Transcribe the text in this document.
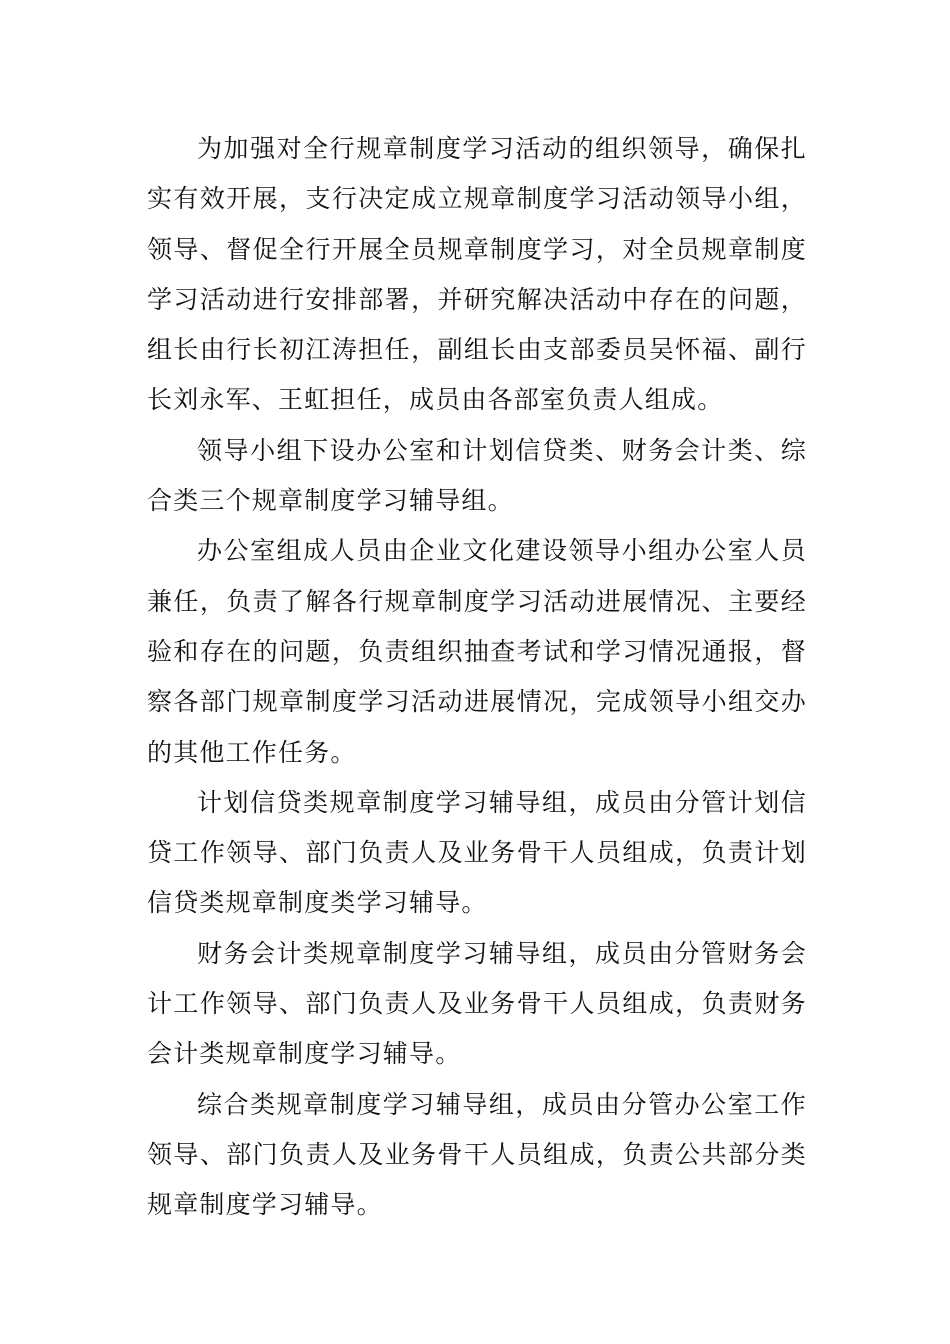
为加强对全行规章制度学习活动的组织领导，确保扎实有效开展，支行决定成立规章制度学习活动领导小组，领导、督促全行开展全员规章制度学习，对全员规章制度学习活动进行安排部署，并研究解决活动中存在的问题，组长由行长初江涛担任，副组长由支部委员吴怀福、副行长刘永军、王虹担任，成员由各部室负责人组成。

领导小组下设办公室和计划信贷类、财务会计类、综合类三个规章制度学习辅导组。

办公室组成人员由企业文化建设领导小组办公室人员兼任，负责了解各行规章制度学习活动进展情况、主要经验和存在的问题，负责组织抽查考试和学习情况通报，督察各部门规章制度学习活动进展情况，完成领导小组交办的其他工作任务。

计划信贷类规章制度学习辅导组，成员由分管计划信贷工作领导、部门负责人及业务骨干人员组成，负责计划信贷类规章制度类学习辅导。

财务会计类规章制度学习辅导组，成员由分管财务会计工作领导、部门负责人及业务骨干人员组成，负责财务会计类规章制度学习辅导。

综合类规章制度学习辅导组，成员由分管办公室工作领导、部门负责人及业务骨干人员组成，负责公共部分类规章制度学习辅导。
